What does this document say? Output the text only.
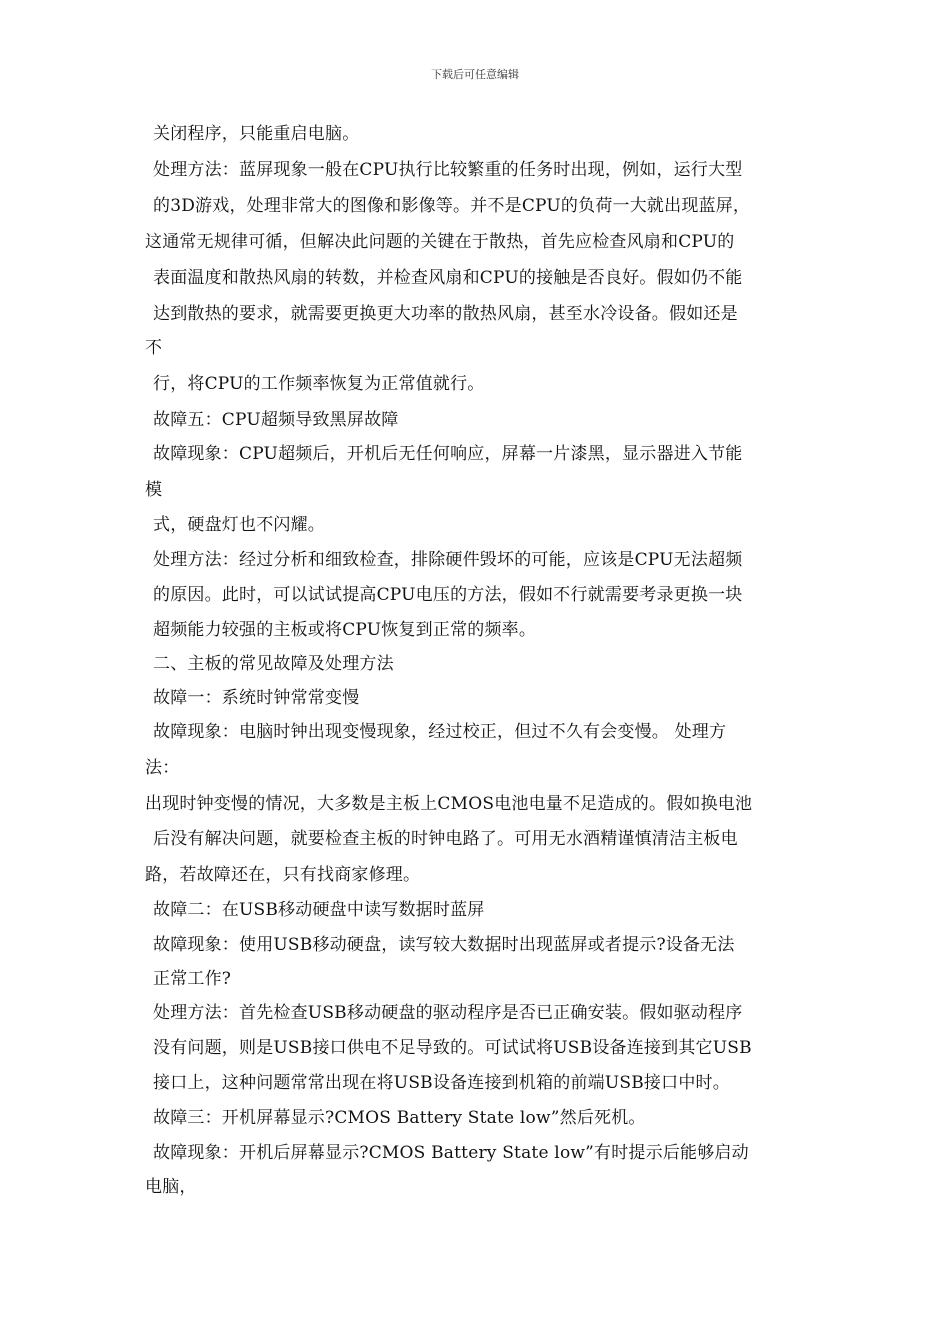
下载后可任意编辑
关闭程序，只能重启电脑。
处理方法：蓝屏现象一般在CPU执行比较繁重的任务时出现，例如，运行大型
的3D游戏，处理非常大的图像和影像等。并不是CPU的负荷一大就出现蓝屏，
这通常无规律可循，但解决此问题的关键在于散热，首先应检查风扇和CPU的
表面温度和散热风扇的转数，并检查风扇和CPU的接触是否良好。假如仍不能
达到散热的要求，就需要更换更大功率的散热风扇，甚至水冷设备。假如还是
不
行，将CPU的工作频率恢复为正常值就行。
故障五：CPU超频导致黑屏故障
故障现象：CPU超频后，开机后无任何响应，屏幕一片漆黑，显示器进入节能
模
式，硬盘灯也不闪耀。
处理方法：经过分析和细致检查，排除硬件毁坏的可能，应该是CPU无法超频
的原因。此时，可以试试提高CPU电压的方法，假如不行就需要考录更换一块
超频能力较强的主板或将CPU恢复到正常的频率。
二、主板的常见故障及处理方法
故障一：系统时钟常常变慢
故障现象：电脑时钟出现变慢现象，经过校正，但过不久有会变慢。 处理方
法：
出现时钟变慢的情况，大多数是主板上CMOS电池电量不足造成的。假如换电池
后没有解决问题，就要检查主板的时钟电路了。可用无水酒精谨慎清洁主板电
路，若故障还在，只有找商家修理。
故障二：在USB移动硬盘中读写数据时蓝屏
故障现象：使用USB移动硬盘，读写较大数据时出现蓝屏或者提示?设备无法
正常工作?
处理方法：首先检查USB移动硬盘的驱动程序是否已正确安装。假如驱动程序
没有问题，则是USB接口供电不足导致的。可试试将USB设备连接到其它USB
接口上，这种问题常常出现在将USB设备连接到机箱的前端USB接口中时。
故障三：开机屏幕显示?CMOS Battery State low”然后死机。
故障现象：开机后屏幕显示?CMOS Battery State low”有时提示后能够启动
电脑，
